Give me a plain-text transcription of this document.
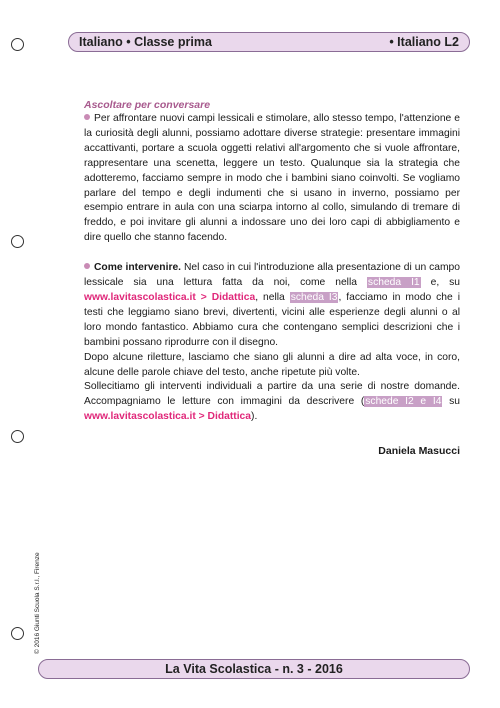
Italiano • Classe prima	• Italiano L2
Ascoltare per conversare

Per affrontare nuovi campi lessicali e stimolare, allo stesso tempo, l'attenzione e la curiosità degli alunni, possiamo adottare diverse strategie: presentare immagini accattivanti, portare a scuola oggetti relativi all'argomento che si vuole affrontare, rappresentare una scenetta, leggere un testo. Qualunque sia la strategia che adotteremo, facciamo sempre in modo che i bambini siano coinvolti. Se vogliamo parlare del tempo e degli indumenti che si usano in inverno, possiamo per esempio entrare in aula con una sciarpa intorno al collo, simulando di tremare di freddo, e poi invitare gli alunni a indossare uno dei loro capi di abbigliamento e dire quello che stanno facendo.

Come intervenire. Nel caso in cui l'introduzione alla presentazione di un campo lessicale sia una lettura fatta da noi, come nella scheda I1 e, su www.lavitascolastica.it > Didattica, nella scheda I3, facciamo in modo che i testi che leggiamo siano brevi, divertenti, vicini alle esperienze degli alunni o al loro mondo fantastico. Abbiamo cura che contengano semplici descrizioni che i bambini possano riprodurre con il disegno.

Dopo alcune riletture, lasciamo che siano gli alunni a dire ad alta voce, in coro, alcune delle parole chiave del testo, anche ripetute più volte.

Sollecitiamo gli interventi individuali a partire da una serie di nostre domande. Accompagniamo le letture con immagini da descrivere (schede I2 e I4 su www.lavitascolastica.it > Didattica).

Daniela Masucci
© 2016 Giunti Scuola S.r.l., Firenze
La Vita Scolastica - n. 3 - 2016
